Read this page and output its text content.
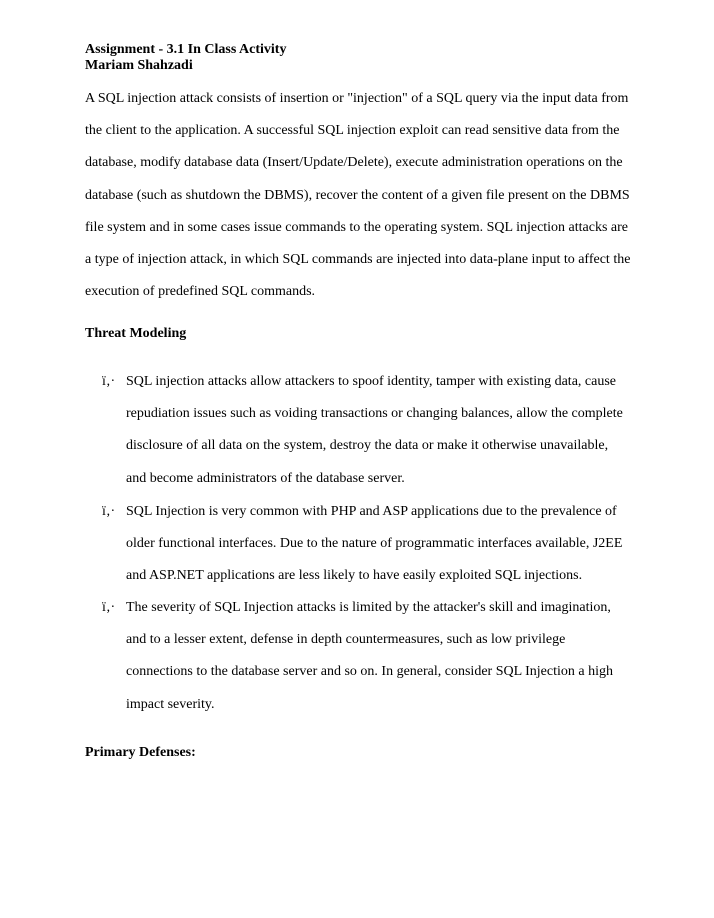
Assignment - 3.1 In Class Activity
Mariam Shahzadi
A SQL injection attack consists of insertion or "injection" of a SQL query via the input data from
the client to the application. A successful SQL injection exploit can read sensitive data from the
database, modify database data (Insert/Update/Delete), execute administration operations on the
database (such as shutdown the DBMS), recover the content of a given file present on the DBMS
file system and in some cases issue commands to the operating system. SQL injection attacks are
a type of injection attack, in which SQL commands are injected into data-plane input to affect the
execution of predefined SQL commands.
Threat Modeling
ï‚· SQL injection attacks allow attackers to spoof identity, tamper with existing data, cause
repudiation issues such as voiding transactions or changing balances, allow the complete
disclosure of all data on the system, destroy the data or make it otherwise unavailable,
and become administrators of the database server.
ï‚· SQL Injection is very common with PHP and ASP applications due to the prevalence of
older functional interfaces. Due to the nature of programmatic interfaces available, J2EE
and ASP.NET applications are less likely to have easily exploited SQL injections.
ï‚· The severity of SQL Injection attacks is limited by the attacker's skill and imagination,
and to a lesser extent, defense in depth countermeasures, such as low privilege
connections to the database server and so on. In general, consider SQL Injection a high
impact severity.
Primary Defenses:
